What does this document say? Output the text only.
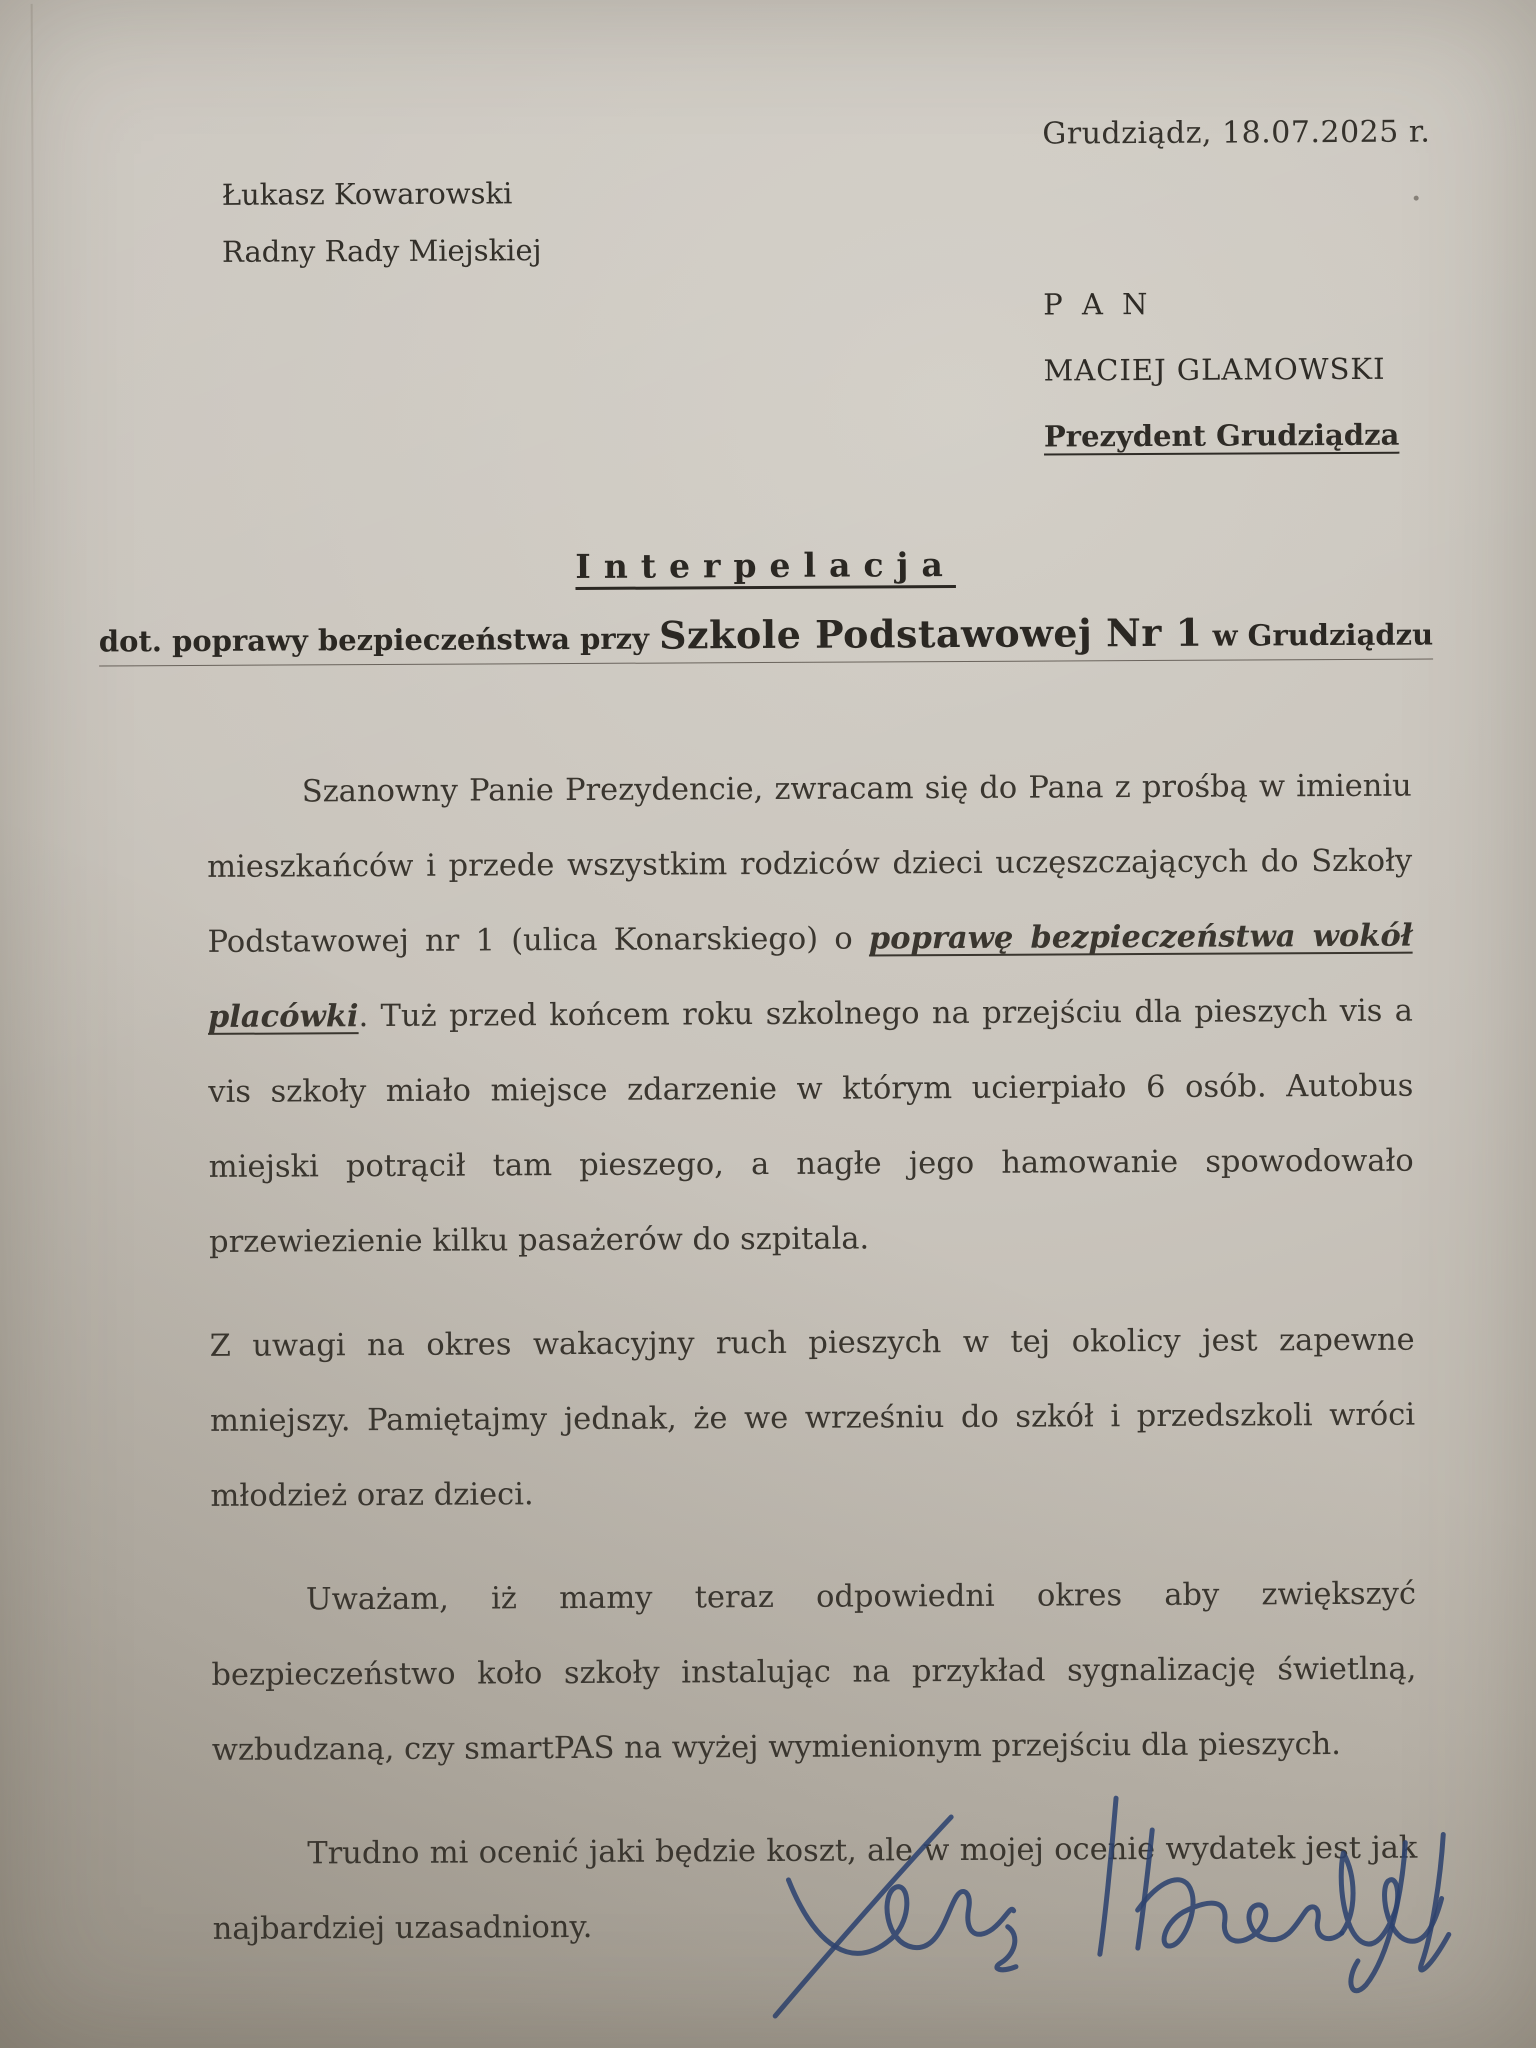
Grudziądz, 18.07.2025 r.
Łukasz Kowarowski
Radny Rady Miejskiej
P A N
MACIEJ GLAMOWSKI
Prezydent Grudziądza
Interpelacja
dot. poprawy bezpieczeństwa przy Szkole Podstawowej Nr 1 w Grudziądzu

Szanowny Panie Prezydencie, zwracam się do Pana z prośbą w imieniu mieszkańców i przede wszystkim rodziców dzieci uczęszczających do Szkoły Podstawowej nr 1 (ulica Konarskiego) o poprawę bezpieczeństwa wokół placówki. Tuż przed końcem roku szkolnego na przejściu dla pieszych vis a vis szkoły miało miejsce zdarzenie w którym ucierpiało 6 osób. Autobus miejski potrącił tam pieszego, a nagłe jego hamowanie spowodowało przewiezienie kilku pasażerów do szpitala.

Z uwagi na okres wakacyjny ruch pieszych w tej okolicy jest zapewne mniejszy. Pamiętajmy jednak, że we wrześniu do szkół i przedszkoli wróci młodzież oraz dzieci.

Uważam, iż mamy teraz odpowiedni okres aby zwiększyć bezpieczeństwo koło szkoły instalując na przykład sygnalizację świetlną, wzbudzaną, czy smartPAS na wyżej wymienionym przejściu dla pieszych.

Trudno mi ocenić jaki będzie koszt, ale w mojej ocenie wydatek jest jak najbardziej uzasadniony.
